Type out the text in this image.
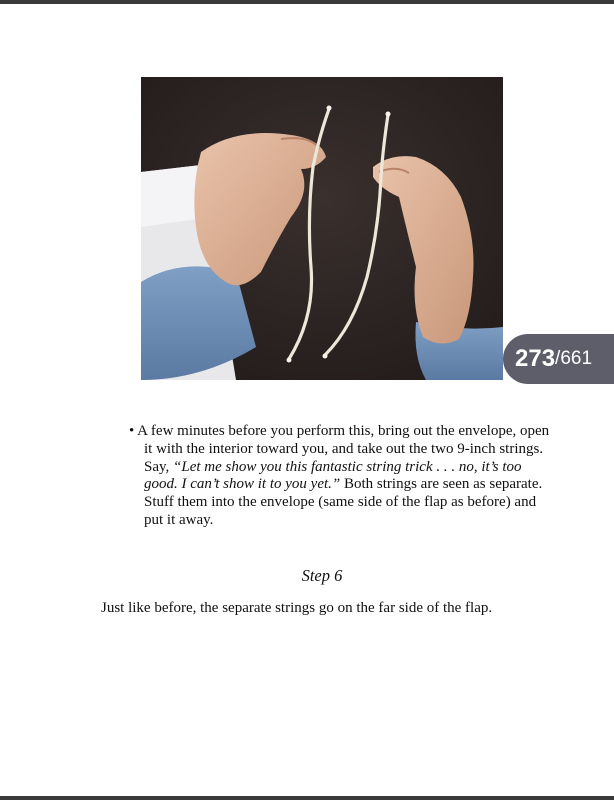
273 / 661
• A few minutes before you perform this, bring out the envelope, open
it with the interior toward you, and take out the two 9-inch strings.
Say, “Let me show you this fantastic string trick . . . no, it’s too
good. I can’t show it to you yet.” Both strings are seen as separate.
Stuff them into the envelope (same side of the flap as before) and
put it away.
Step 6
Just like before, the separate strings go on the far side of the flap.
